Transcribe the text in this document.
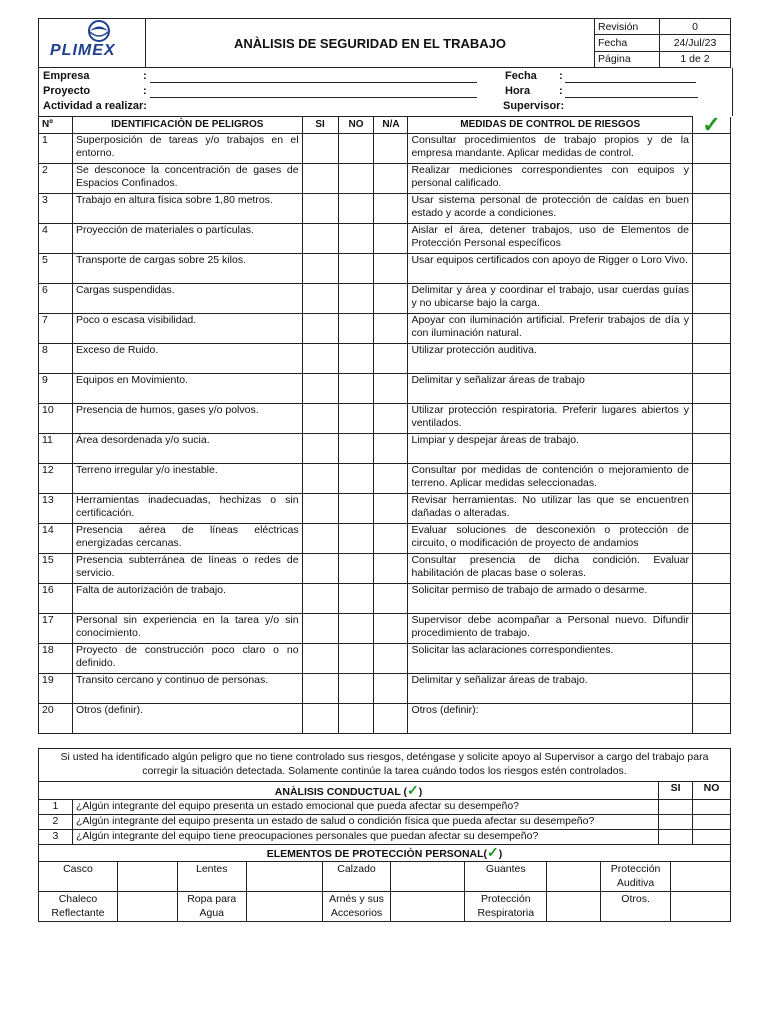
PLIMEX	ANÀLISIS DE SEGURIDAD EN EL TRABAJO	Revisión	0
		Fecha	24/Jul/23
		Página	1 de 2
Empresa	:
Proyecto	:
Actividad a realizar:
Fecha :
Hora	:
Supervisor:
Nº	IDENTIFICACIÒN DE PELIGROS	SI	NO	N/A	MEDIDAS DE CONTROL DE RIESGOS	✓
1	Superposición de tareas y/o trabajos en el entorno.				Consultar procedimientos de trabajo propios y de la empresa mandante. Aplicar medidas de control.	
2	Se desconoce la concentración de gases de Espacios Confinados.				Realizar mediciones correspondientes con equipos y personal calificado.	
3	Trabajo en altura física sobre 1,80 metros.				Usar sistema personal de protección de caídas en buen estado y acorde a condiciones.	
4	Proyección de materiales o partículas.				Aislar el área, detener trabajos, uso de Elementos de Protección Personal específicos	
5	Transporte de cargas sobre 25 kilos.				Usar equipos certificados con apoyo de Rigger o Loro Vivo.	
6	Cargas suspendidas.				Delimitar y área y coordinar el trabajo, usar cuerdas guías y no ubicarse bajo la carga.	
7	Poco o escasa visibilidad.				Apoyar con iluminación artificial. Preferir trabajos de día y con iluminación natural.	
8	Exceso de Ruido.				Utilizar protección auditiva.	
9	Equipos en Movimiento.				Delimitar y señalizar áreas de trabajo	
10	Presencia de humos, gases y/o polvos.				Utilizar protección respiratoria. Preferir lugares abiertos y ventilados.	
11	Área desordenada y/o sucia.				Limpiar y despejar áreas de trabajo.	
12	Terreno irregular y/o inestable.				Consultar por medidas de contención o mejoramiento de terreno. Aplicar medidas seleccionadas.	
13	Herramientas inadecuadas, hechizas o sin certificación.				Revisar herramientas. No utilizar las que se encuentren dañadas o alteradas.	
14	Presencia aérea de líneas eléctricas energizadas cercanas.				Evaluar soluciones de desconexión o protección de circuito, o modificación de proyecto de andamios	
15	Presencia subterránea de líneas o redes de servicio.				Consultar presencia de dicha condición. Evaluar habilitación de placas base o soleras.	
16	Falta de autorización de trabajo.				Solicitar permiso de trabajo de armado o desarme.	
17	Personal sin experiencia en la tarea y/o sin conocimiento.				Supervisor debe acompañar a Personal nuevo. Difundir procedimiento de trabajo.	
18	Proyecto de construcción poco claro o no definido.				Solicitar las aclaraciones correspondientes.	
19	Transito cercano y continuo de personas.				Delimitar y señalizar áreas de trabajo.	
20	Otros (definir).				Otros (definir):	
Si usted ha identificado algún peligro que no tiene controlado sus riesgos, deténgase y solicite apoyo al Supervisor a cargo del trabajo para corregir la situación detectada. Solamente continúe la tarea cuándo todos los riesgos estén controlados.			
ANÀLISIS CONDUCTUAL (✓)		SI	NO
1	¿Algún integrante del equipo presenta un estado emocional que pueda afectar su desempeño?		
2	¿Algún integrante del equipo presenta un estado de salud o condición física que pueda afectar su desempeño?		
3	¿Algún integrante del equipo tiene preocupaciones personales que puedan afectar su desempeño?		
ELEMENTOS DE PROTECCIÒN PERSONAL(✓)									
Casco		Lentes		Calzado		Guantes		Protección Auditiva	
Chaleco Reflectante		Ropa para Agua		Arnés y sus Accesorios		Protección Respiratoria		Otros.	
